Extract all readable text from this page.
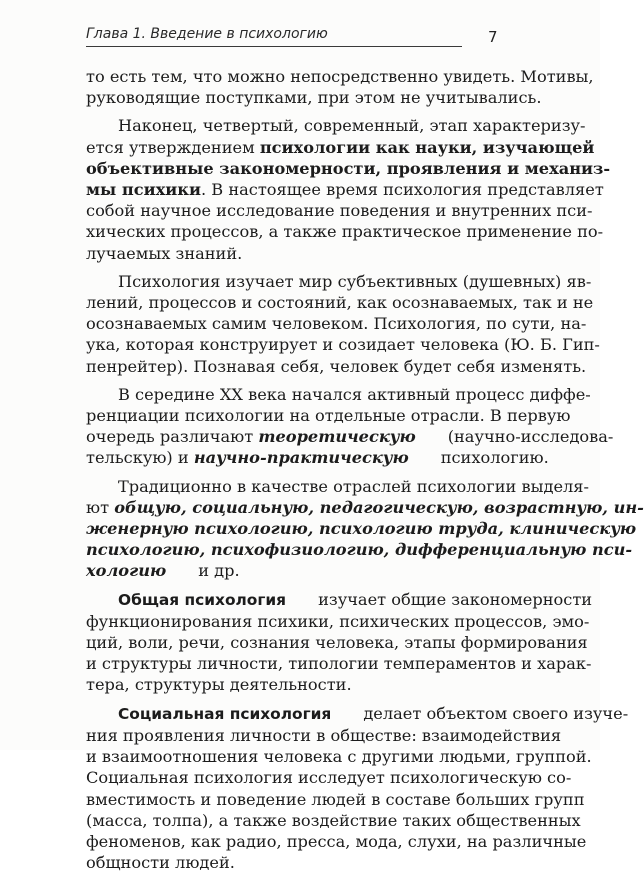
Глава 1. Введение в психологию	7
то есть тем, что можно непосредственно увидеть. Мотивы,
руководящие поступками, при этом не учитывались.
Наконец, четвертый, современный, этап характеризу-
ется утверждением психологии как науки, изучающей
объективные закономерности, проявления и механиз-
мы психики. В настоящее время психология представляет
собой научное исследование поведения и внутренних пси-
хических процессов, а также практическое применение по-
лучаемых знаний.
Психология изучает мир субъективных (душевных) яв-
лений, процессов и состояний, как осознаваемых, так и не
осознаваемых самим человеком. Психология, по сути, на-
ука, которая конструирует и созидает человека (Ю. Б. Гип-
пенрейтер). Познавая себя, человек будет себя изменять.
В середине XX века начался активный процесс диффе-
ренциации психологии на отдельные отрасли. В первую
очередь различают теоретическую (научно-исследова-
тельскую) и научно-практическую психологию.
Традиционно в качестве отраслей психологии выделя-
ют общую, социальную, педагогическую, возрастную, ин-
женерную психологию, психологию труда, клиническую
психологию, психофизиологию, дифференциальную пси-
хологию и др.
Общая психология изучает общие закономерности
функционирования психики, психических процессов, эмо-
ций, воли, речи, сознания человека, этапы формирования
и структуры личности, типологии темпераментов и харак-
тера, структуры деятельности.
Социальная психология делает объектом своего изуче-
ния проявления личности в обществе: взаимодействия
и взаимоотношения человека с другими людьми, группой.
Социальная психология исследует психологическую со-
вместимость и поведение людей в составе больших групп
(масса, толпа), а также воздействие таких общественных
феноменов, как радио, пресса, мода, слухи, на различные
общности людей.
